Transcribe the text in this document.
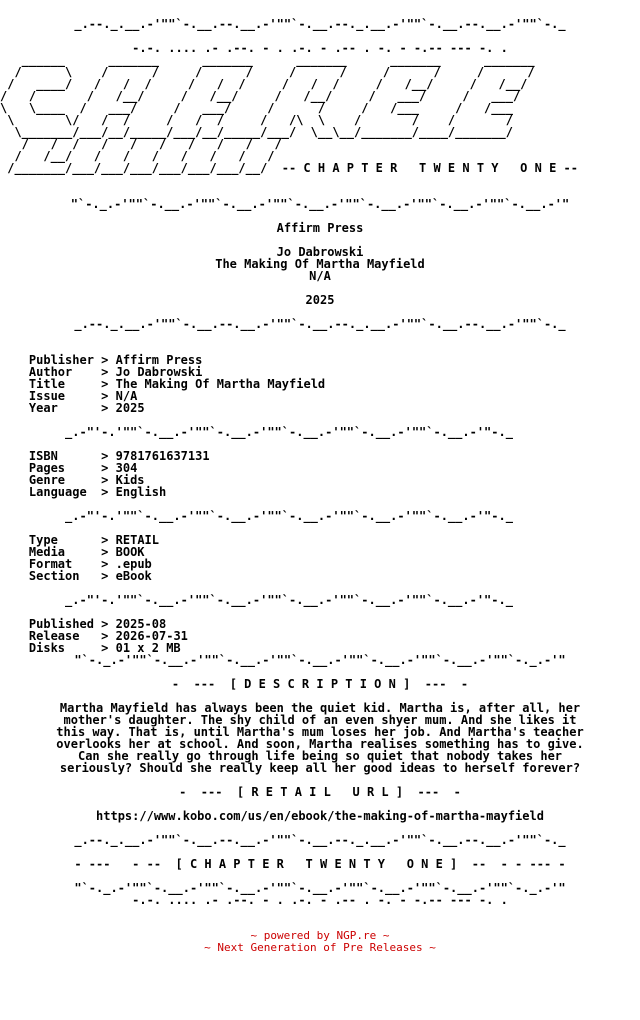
_.--._.__.-'""`-.__.--.__.-'""`-.__.--._.__.-'""`-.__.--.__.-'""`-._
-.-. .... .- .--. - . .-. - .-- . -. - -.-- --- -. .
______      _______      _______      _______      _______      _______
/      \    /      /     /      /     /      /     /      /     /      /
/   ____/   /   /  /     /   /  /     /   /  /     /   /__/     /   /__/
/   /       /   /__/     /   /__/     /   /__/     /   ___/     /   ___/
\   \____  /   ___/     /   ___/     /      /     /   /___     /   /___
\       \/   /  /     /   /  /     /   /\  \    /       /    /       /
\_______/___/__/_____/___/__/_____/___/  \__\__/_______/____/_______/
/   /  /   /   /   /   /   /   /   /
/   /__/   /   /   /   /   /   /   /
/_______/___/___/___/___/___/___/__/  -- C H A P T E R   T W E N T Y   O N E --
"`-._.-'""`-.__.-'""`-.__.-'""`-.__.-'""`-.__.-'""`-.__.-'""`-.__.-'"
Affirm Press
Jo Dabrowski
The Making Of Martha Mayfield
N/A
2025
_.--._.__.-'""`-.__.--.__.-'""`-.__.--._.__.-'""`-.__.--.__.-'""`-._
Publisher > Affirm Press
Author > Jo Dabrowski
Title	> The Making Of Martha Mayfield
Issue	> N/A
Year	> 2025
_.-"'-.'""`-.__.-'""`-.__.-'""`-.__.-'""`-.__.-'""`-.__.-'"-._
ISBN	> 9781761637131
Pages	> 304
Genre	> Kids
Language > English
_.-"'-.'""`-.__.-'""`-.__.-'""`-.__.-'""`-.__.-'""`-.__.-'"-._
Type	> RETAIL
Media	> BOOK
Format > .epub
Section > eBook
_.-"'-.'""`-.__.-'""`-.__.-'""`-.__.-'""`-.__.-'""`-.__.-'"-._
Published > 2025-08
Release > 2026-07-31
Disks	> 01 x 2 MB
"`-._.-'""`-.__.-'""`-.__.-'""`-.__.-'""`-.__.-'""`-.__.-'""`-._.-'"
-  ---  [ D E S C R I P T I O N ]  ---  -
Martha Mayfield has always been the quiet kid. Martha is, after all, her
mother's daughter. The shy child of an even shyer mum. And she likes it
this way. That is, until Martha's mum loses her job. And Martha's teacher
overlooks her at school. And soon, Martha realises something has to give.
Can she really go through life being so quiet that nobody takes her
seriously? Should she really keep all her good ideas to herself forever?
-  ---  [ R E T A I L   U R L ]  ---  -
https://www.kobo.com/us/en/ebook/the-making-of-martha-mayfield
_.--._.__.-'""`-.__.--.__.-'""`-.__.--._.__.-'""`-.__.--.__.-'""`-._
- ---   - --  [ C H A P T E R   T W E N T Y   O N E ]  --  - - --- -
"`-._.-'""`-.__.-'""`-.__.-'""`-.__.-'""`-.__.-'""`-.__.-'""`-._.-'"
-.-. .... .- .--. - . .-. - .-- . -. - -.-- --- -. .
~ powered by NGP.re ~
~ Next Generation of Pre Releases ~
